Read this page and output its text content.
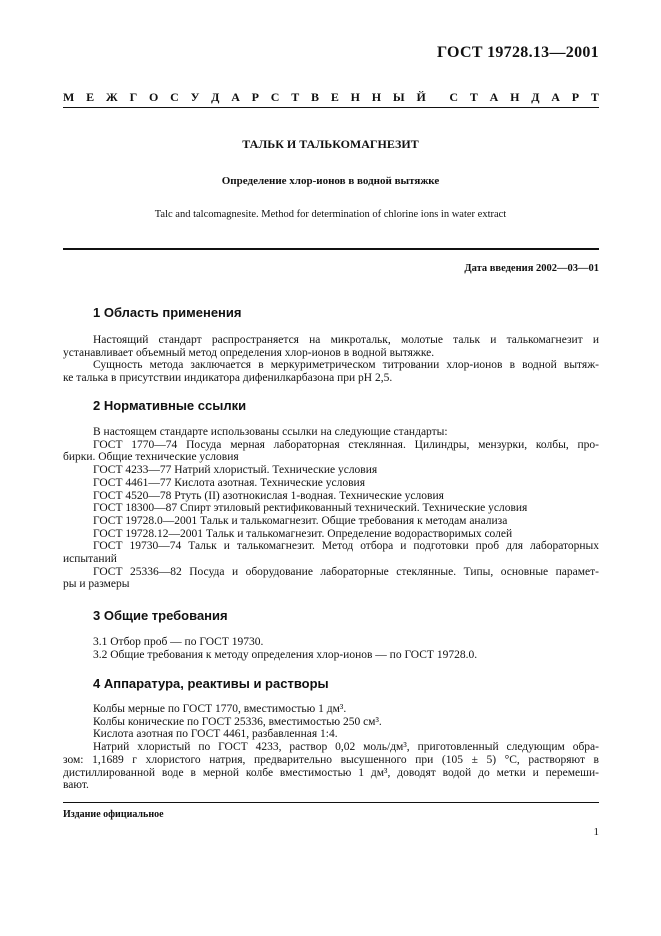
ГОСТ 19728.13—2001
М Е Ж Г О С У Д А Р С Т В Е Н Н Ы Й С Т А Н Д А Р Т
ТАЛЬК И ТАЛЬКОМАГНЕЗИТ
Определение хлор-ионов в водной вытяжке
Talc and talcomagnesite. Method for determination of chlorine ions in water extract
Дата введения 2002—03—01
1 Область применения
Настоящий стандарт распространяется на микротальк, молотые тальк и талькомагнезит и
устанавливает объемный метод определения хлор-ионов в водной вытяжке.
Сущность метода заключается в меркуриметрическом титровании хлор-ионов в водной вытяж-
ке талька в присутствии индикатора дифенилкарбазона при рН 2,5.
2 Нормативные ссылки
В настоящем стандарте использованы ссылки на следующие стандарты:
ГОСТ 1770—74 Посуда мерная лабораторная стеклянная. Цилиндры, мензурки, колбы, про-
бирки. Общие технические условия
ГОСТ 4233—77 Натрий хлористый. Технические условия
ГОСТ 4461—77 Кислота азотная. Технические условия
ГОСТ 4520—78 Ртуть (II) азотнокислая 1-водная. Технические условия
ГОСТ 18300—87 Спирт этиловый ректификованный технический. Технические условия
ГОСТ 19728.0—2001 Тальк и талькомагнезит. Общие требования к методам анализа
ГОСТ 19728.12—2001 Тальк и талькомагнезит. Определение водорастворимых солей
ГОСТ 19730—74 Тальк и талькомагнезит. Метод отбора и подготовки проб для лабораторных
испытаний
ГОСТ 25336—82 Посуда и оборудование лабораторные стеклянные. Типы, основные парамет-
ры и размеры
3 Общие требования
3.1 Отбор проб — по ГОСТ 19730.
3.2 Общие требования к методу определения хлор-ионов — по ГОСТ 19728.0.
4 Аппаратура, реактивы и растворы
Колбы мерные по ГОСТ 1770, вместимостью 1 дм³.
Колбы конические по ГОСТ 25336, вместимостью 250 см³.
Кислота азотная по ГОСТ 4461, разбавленная 1:4.
Натрий хлористый по ГОСТ 4233, раствор 0,02 моль/дм³, приготовленный следующим обра-
зом: 1,1689 г хлористого натрия, предварительно высушенного при (105 ± 5) °С, растворяют в
дистиллированной воде в мерной колбе вместимостью 1 дм³, доводят водой до метки и перемеши-
вают.
Издание официальное
1
